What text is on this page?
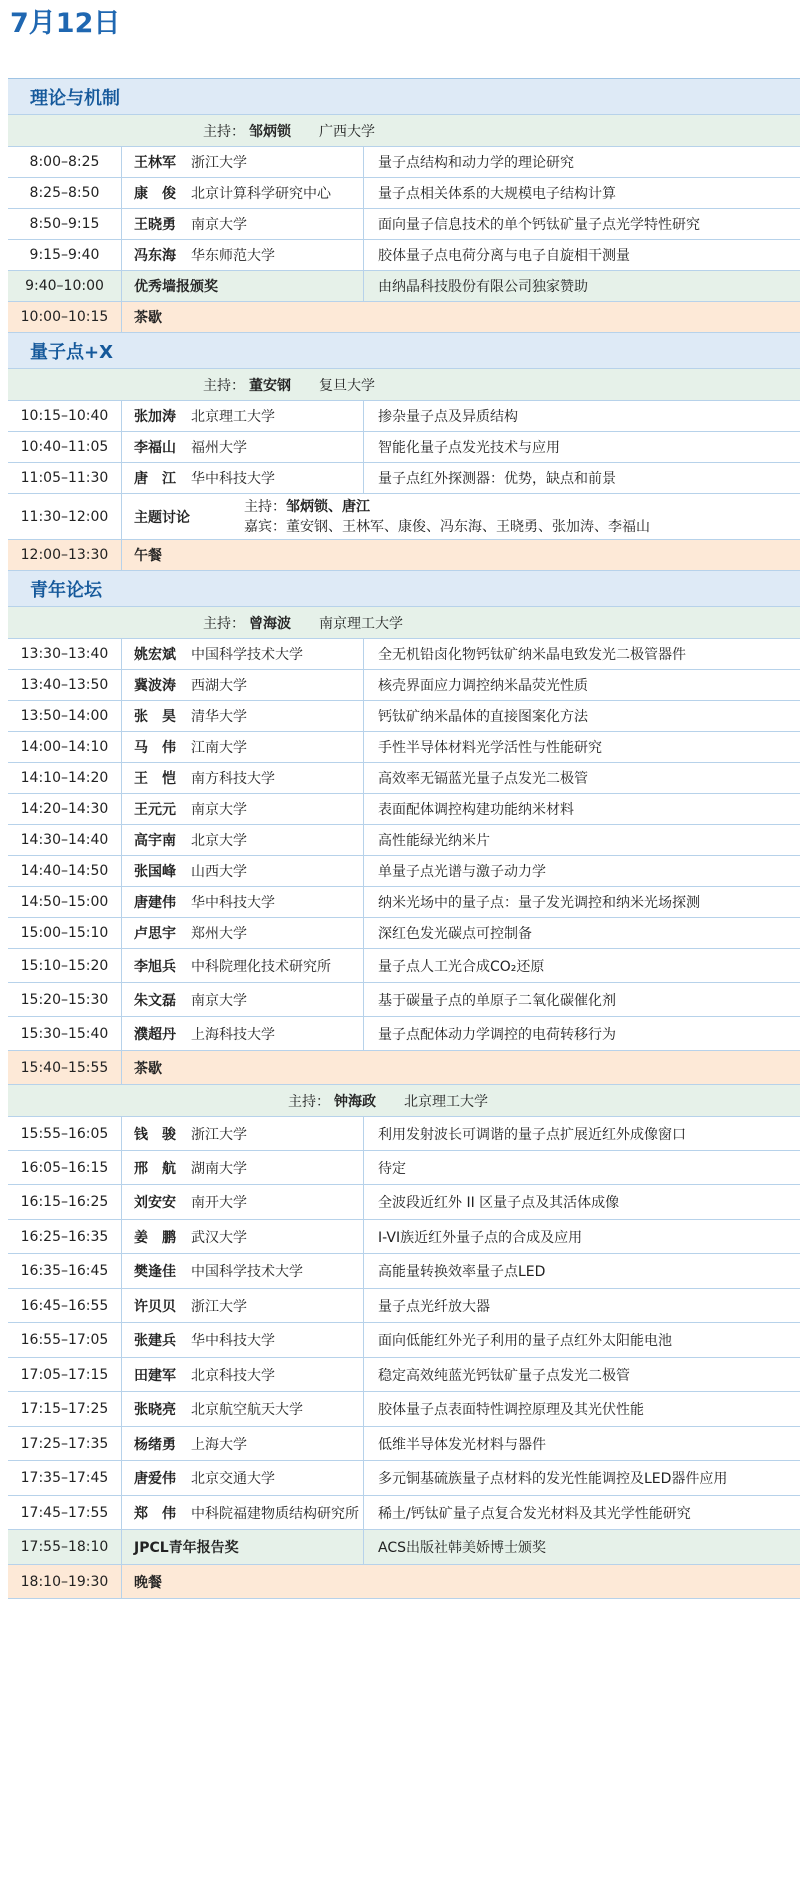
7月12日
理论与机制
主持： 邹炳锁 广西大学
8:00–8:25	王林军	浙江大学	量子点结构和动力学的理论研究
8:25–8:50	康　俊	北京计算科学研究中心	量子点相关体系的大规模电子结构计算
8:50–9:15	王晓勇	南京大学	面向量子信息技术的单个钙钛矿量子点光学特性研究
9:15–9:40	冯东海	华东师范大学	胶体量子点电荷分离与电子自旋相干测量
9:40–10:00	优秀墙报颁奖	由纳晶科技股份有限公司独家赞助
10:00–10:15	茶歇
量子点+X
主持： 董安钢 复旦大学
10:15–10:40	张加涛	北京理工大学	掺杂量子点及异质结构
10:40–11:05	李福山	福州大学	智能化量子点发光技术与应用
11:05–11:30	唐　江	华中科技大学	量子点红外探测器：优势，缺点和前景
11:30–12:00	主题讨论
主持：邹炳锁、唐江
嘉宾：董安钢、王林军、康俊、冯东海、王晓勇、张加涛、李福山
12:00–13:30	午餐
青年论坛
主持： 曾海波 南京理工大学
13:30–13:40	姚宏斌	中国科学技术大学	全无机铅卤化物钙钛矿纳米晶电致发光二极管器件
13:40–13:50	冀波涛	西湖大学	核壳界面应力调控纳米晶荧光性质
13:50–14:00	张　昊	清华大学	钙钛矿纳米晶体的直接图案化方法
14:00–14:10	马　伟	江南大学	手性半导体材料光学活性与性能研究
14:10–14:20	王　恺	南方科技大学	高效率无镉蓝光量子点发光二极管
14:20–14:30	王元元	南京大学	表面配体调控构建功能纳米材料
14:30–14:40	高宇南	北京大学	高性能绿光纳米片
14:40–14:50	张国峰	山西大学	单量子点光谱与激子动力学
14:50–15:00	唐建伟	华中科技大学	纳米光场中的量子点：量子发光调控和纳米光场探测
15:00–15:10	卢思宇	郑州大学	深红色发光碳点可控制备
15:10–15:20	李旭兵	中科院理化技术研究所	量子点人工光合成CO₂还原
15:20–15:30	朱文磊	南京大学	基于碳量子点的单原子二氧化碳催化剂
15:30–15:40	濮超丹	上海科技大学	量子点配体动力学调控的电荷转移行为
15:40–15:55	茶歇
主持： 钟海政 北京理工大学
15:55–16:05	钱　骏	浙江大学	利用发射波长可调谐的量子点扩展近红外成像窗口
16:05–16:15	邢　航	湖南大学	待定
16:15–16:25	刘安安	南开大学	全波段近红外 II 区量子点及其活体成像
16:25–16:35	姜　鹏	武汉大学	I-VI族近红外量子点的合成及应用
16:35–16:45	樊逢佳	中国科学技术大学	高能量转换效率量子点LED
16:45–16:55	许贝贝	浙江大学	量子点光纤放大器
16:55–17:05	张建兵	华中科技大学	面向低能红外光子利用的量子点红外太阳能电池
17:05–17:15	田建军	北京科技大学	稳定高效纯蓝光钙钛矿量子点发光二极管
17:15–17:25	张晓亮	北京航空航天大学	胶体量子点表面特性调控原理及其光伏性能
17:25–17:35	杨绪勇	上海大学	低维半导体发光材料与器件
17:35–17:45	唐爱伟	北京交通大学	多元铜基硫族量子点材料的发光性能调控及LED器件应用
17:45–17:55	郑　伟	中科院福建物质结构研究所	稀土/钙钛矿量子点复合发光材料及其光学性能研究
17:55–18:10	JPCL青年报告奖	ACS出版社韩美娇博士颁奖
18:10–19:30	晚餐
